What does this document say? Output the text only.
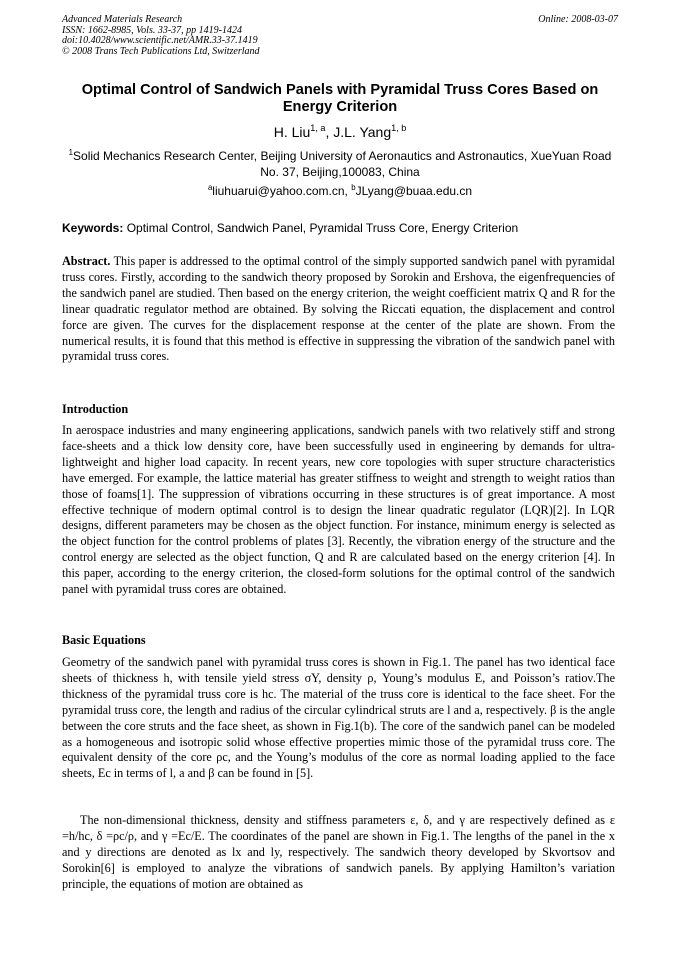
Advanced Materials Research
ISSN: 1662-8985, Vols. 33-37, pp 1419-1424
doi:10.4028/www.scientific.net/AMR.33-37.1419
© 2008 Trans Tech Publications Ltd, Switzerland
Online: 2008-03-07
Optimal Control of Sandwich Panels with Pyramidal Truss Cores Based on Energy Criterion
H. Liu$^{1, a}$, J.L. Yang$^{1, b}$
$^1$Solid Mechanics Research Center, Beijing University of Aeronautics and Astronautics, XueYuan Road No. 37, Beijing,100083, China
$^a$liuhuarui@yahoo.com.cn, $^b$JLyang@buaa.edu.cn
Keywords: Optimal Control, Sandwich Panel, Pyramidal Truss Core, Energy Criterion
Abstract. This paper is addressed to the optimal control of the simply supported sandwich panel with pyramidal truss cores. Firstly, according to the sandwich theory proposed by Sorokin and Ershova, the eigenfrequencies of the sandwich panel are studied. Then based on the energy criterion, the weight coefficient matrix Q and R for the linear quadratic regulator method are obtained. By solving the Riccati equation, the displacement and control force are given. The curves for the displacement response at the center of the plate are shown. From the numerical results, it is found that this method is effective in suppressing the vibration of the sandwich panel with pyramidal truss cores.
Introduction
In aerospace industries and many engineering applications, sandwich panels with two relatively stiff and strong face-sheets and a thick low density core, have been successfully used in engineering by demands for ultra-lightweight and higher load capacity. In recent years, new core topologies with super structure characteristics have emerged. For example, the lattice material has greater stiffness to weight and strength to weight ratios than those of foams[1]. The suppression of vibrations occurring in these structures is of great importance. A most effective technique of modern optimal control is to design the linear quadratic regulator (LQR)[2]. In LQR designs, different parameters may be chosen as the object function. For instance, minimum energy is selected as the object function for the control problems of plates [3]. Recently, the vibration energy of the structure and the control energy are selected as the object function, Q and R are calculated based on the energy criterion [4]. In this paper, according to the energy criterion, the closed-form solutions for the optimal control of the sandwich panel with pyramidal truss cores are obtained.
Basic Equations
Geometry of the sandwich panel with pyramidal truss cores is shown in Fig.1. The panel has two identical face sheets of thickness h, with tensile yield stress σY, density ρ, Young’s modulus E, and Poisson’s ratioν.The thickness of the pyramidal truss core is hc. The material of the truss core is identical to the face sheet. For the pyramidal truss core, the length and radius of the circular cylindrical struts are l and a, respectively. β is the angle between the core struts and the face sheet, as shown in Fig.1(b). The core of the sandwich panel can be modeled as a homogeneous and isotropic solid whose effective properties mimic those of the pyramidal truss core. The equivalent density of the core ρc, and the Young’s modulus of the core as normal loading applied to the face sheets, Ec in terms of l, a and β can be found in [5].
The non-dimensional thickness, density and stiffness parameters ε, δ, and γ are respectively defined as ε =h/hc, δ =ρc/ρ, and γ =Ec/E. The coordinates of the panel are shown in Fig.1. The lengths of the panel in the x and y directions are denoted as lx and ly, respectively. The sandwich theory developed by Skvortsov and Sorokin[6] is employed to analyze the vibrations of sandwich panels. By applying Hamilton’s variation principle, the equations of motion are obtained as
